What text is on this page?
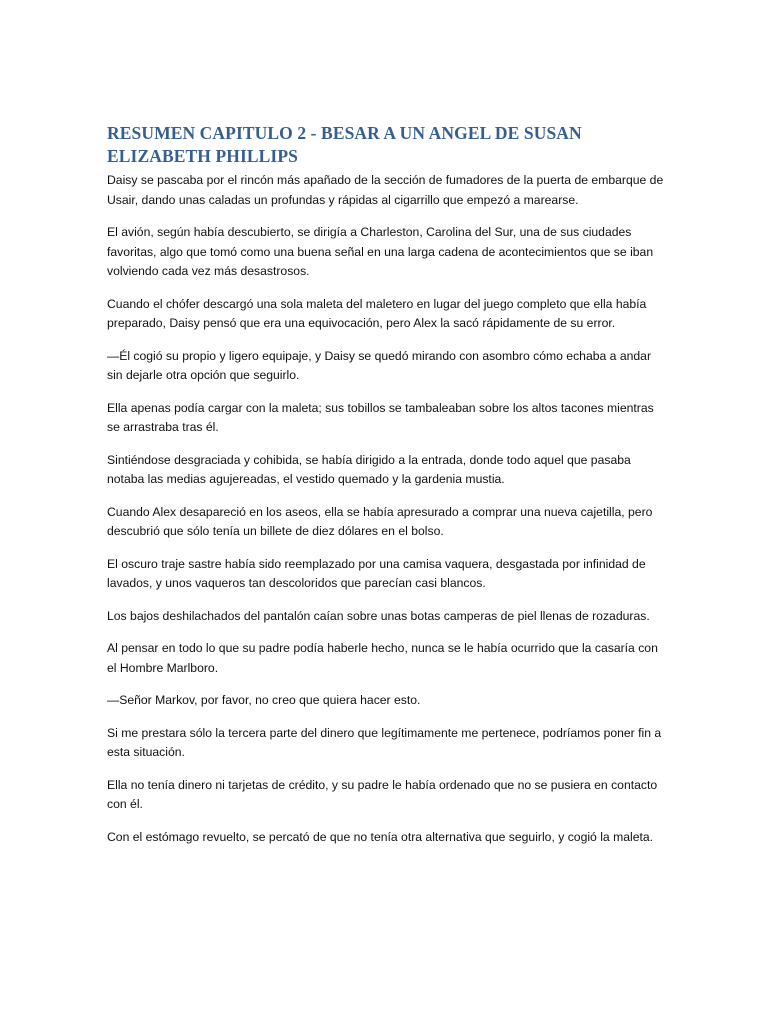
RESUMEN CAPITULO 2 - BESAR A UN ANGEL DE SUSAN ELIZABETH PHILLIPS

Daisy se pascaba por el rincón más apañado de la sección de fumadores de la puerta de embarque de Usair, dando unas caladas un profundas y rápidas al cigarrillo que empezó a marearse.

El avión, según había descubierto, se dirigía a Charleston, Carolina del Sur, una de sus ciudades favoritas, algo que tomó como una buena señal en una larga cadena de acontecimientos que se iban volviendo cada vez más desastrosos.

Cuando el chófer descargó una sola maleta del maletero en lugar del juego completo que ella había preparado, Daisy pensó que era una equivocación, pero Alex la sacó rápidamente de su error.

—Él cogió su propio y ligero equipaje, y Daisy se quedó mirando con asombro cómo echaba a andar sin dejarle otra opción que seguirlo.

Ella apenas podía cargar con la maleta; sus tobillos se tambaleaban sobre los altos tacones mientras se arrastraba tras él.

Sintiéndose desgraciada y cohibida, se había dirigido a la entrada, donde todo aquel que pasaba notaba las medias agujereadas, el vestido quemado y la gardenia mustia.

Cuando Alex desapareció en los aseos, ella se había apresurado a comprar una nueva cajetilla, pero descubrió que sólo tenía un billete de diez dólares en el bolso.

El oscuro traje sastre había sido reemplazado por una camisa vaquera, desgastada por infinidad de lavados, y unos vaqueros tan descoloridos que parecían casi blancos.

Los bajos deshilachados del pantalón caían sobre unas botas camperas de piel llenas de rozaduras.

Al pensar en todo lo que su padre podía haberle hecho, nunca se le había ocurrido que la casaría con el Hombre Marlboro.

—Señor Markov, por favor, no creo que quiera hacer esto.

Si me prestara sólo la tercera parte del dinero que legítimamente me pertenece, podríamos poner fin a esta situación.

Ella no tenía dinero ni tarjetas de crédito, y su padre le había ordenado que no se pusiera en contacto con él.

Con el estómago revuelto, se percató de que no tenía otra alternativa que seguirlo, y cogió la maleta.
